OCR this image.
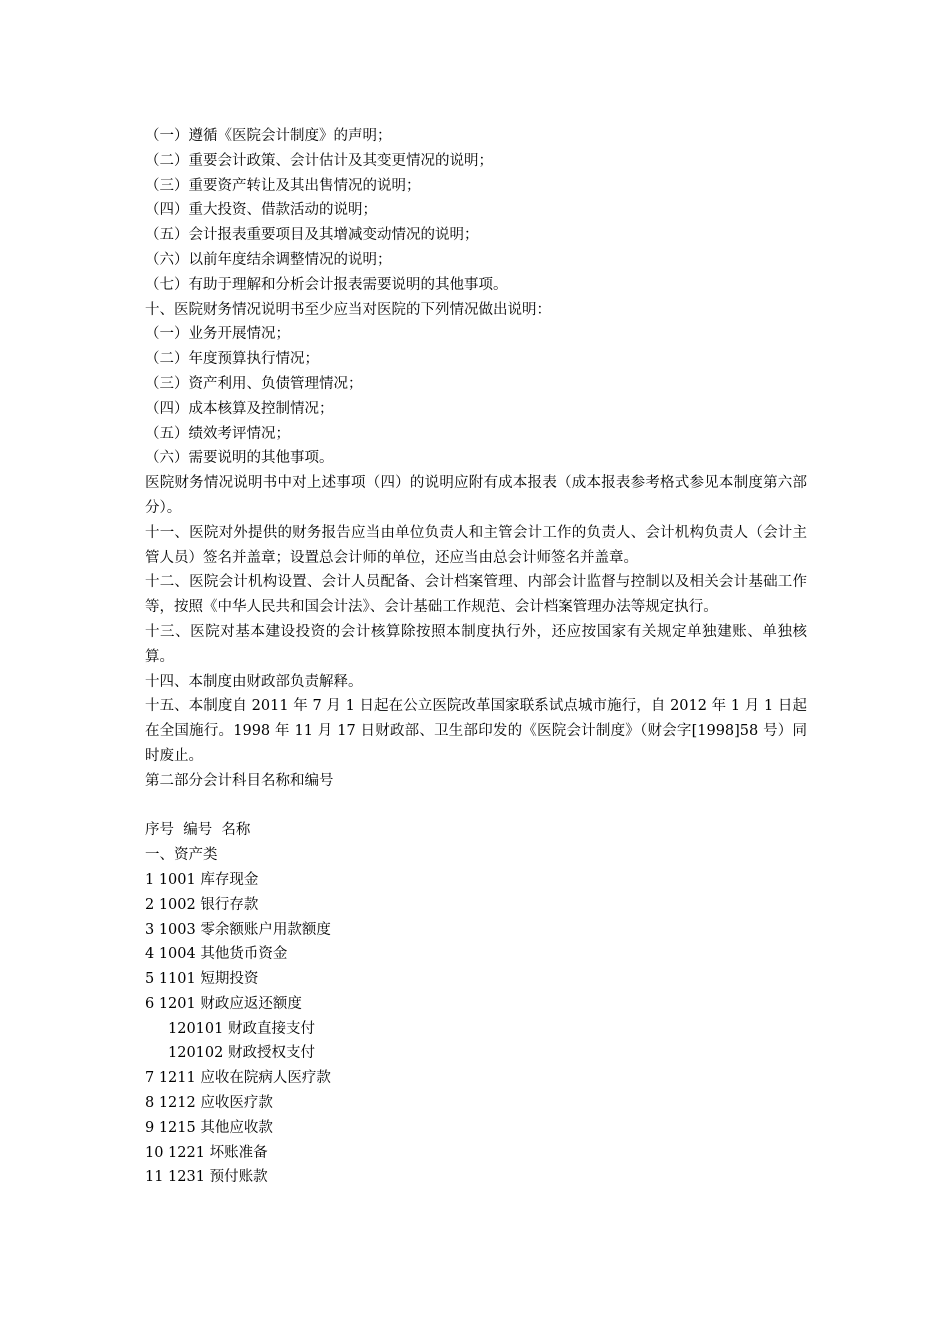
（一）遵循《医院会计制度》的声明；

（二）重要会计政策、会计估计及其变更情况的说明；

（三）重要资产转让及其出售情况的说明；

（四）重大投资、借款活动的说明；

（五）会计报表重要项目及其增减变动情况的说明；

（六）以前年度结余调整情况的说明；

（七）有助于理解和分析会计报表需要说明的其他事项。

十、医院财务情况说明书至少应当对医院的下列情况做出说明：

（一）业务开展情况；

（二）年度预算执行情况；

（三）资产利用、负债管理情况；

（四）成本核算及控制情况；

（五）绩效考评情况；

（六）需要说明的其他事项。

医院财务情况说明书中对上述事项（四）的说明应附有成本报表（成本报表参考格式参见本制度第六部分）。

十一、医院对外提供的财务报告应当由单位负责人和主管会计工作的负责人、会计机构负责人（会计主管人员）签名并盖章；设置总会计师的单位，还应当由总会计师签名并盖章。

十二、医院会计机构设置、会计人员配备、会计档案管理、内部会计监督与控制以及相关会计基础工作等，按照《中华人民共和国会计法》、会计基础工作规范、会计档案管理办法等规定执行。

十三、医院对基本建设投资的会计核算除按照本制度执行外，还应按国家有关规定单独建账、单独核算。

十四、本制度由财政部负责解释。

十五、本制度自 2011 年 7 月 1 日起在公立医院改革国家联系试点城市施行，自 2012 年 1 月 1 日起在全国施行。1998 年 11 月 17 日财政部、卫生部印发的《医院会计制度》（财会字[1998]58 号）同时废止。

第二部分会计科目名称和编号

序号  编号  名称

一、资产类

1 1001 库存现金

2 1002 银行存款

3 1003 零余额账户用款额度

4 1004 其他货币资金

5 1101 短期投资

6 1201 财政应返还额度

120101 财政直接支付

120102 财政授权支付

7 1211 应收在院病人医疗款

8 1212 应收医疗款

9 1215 其他应收款

10 1221 坏账准备

11 1231 预付账款
